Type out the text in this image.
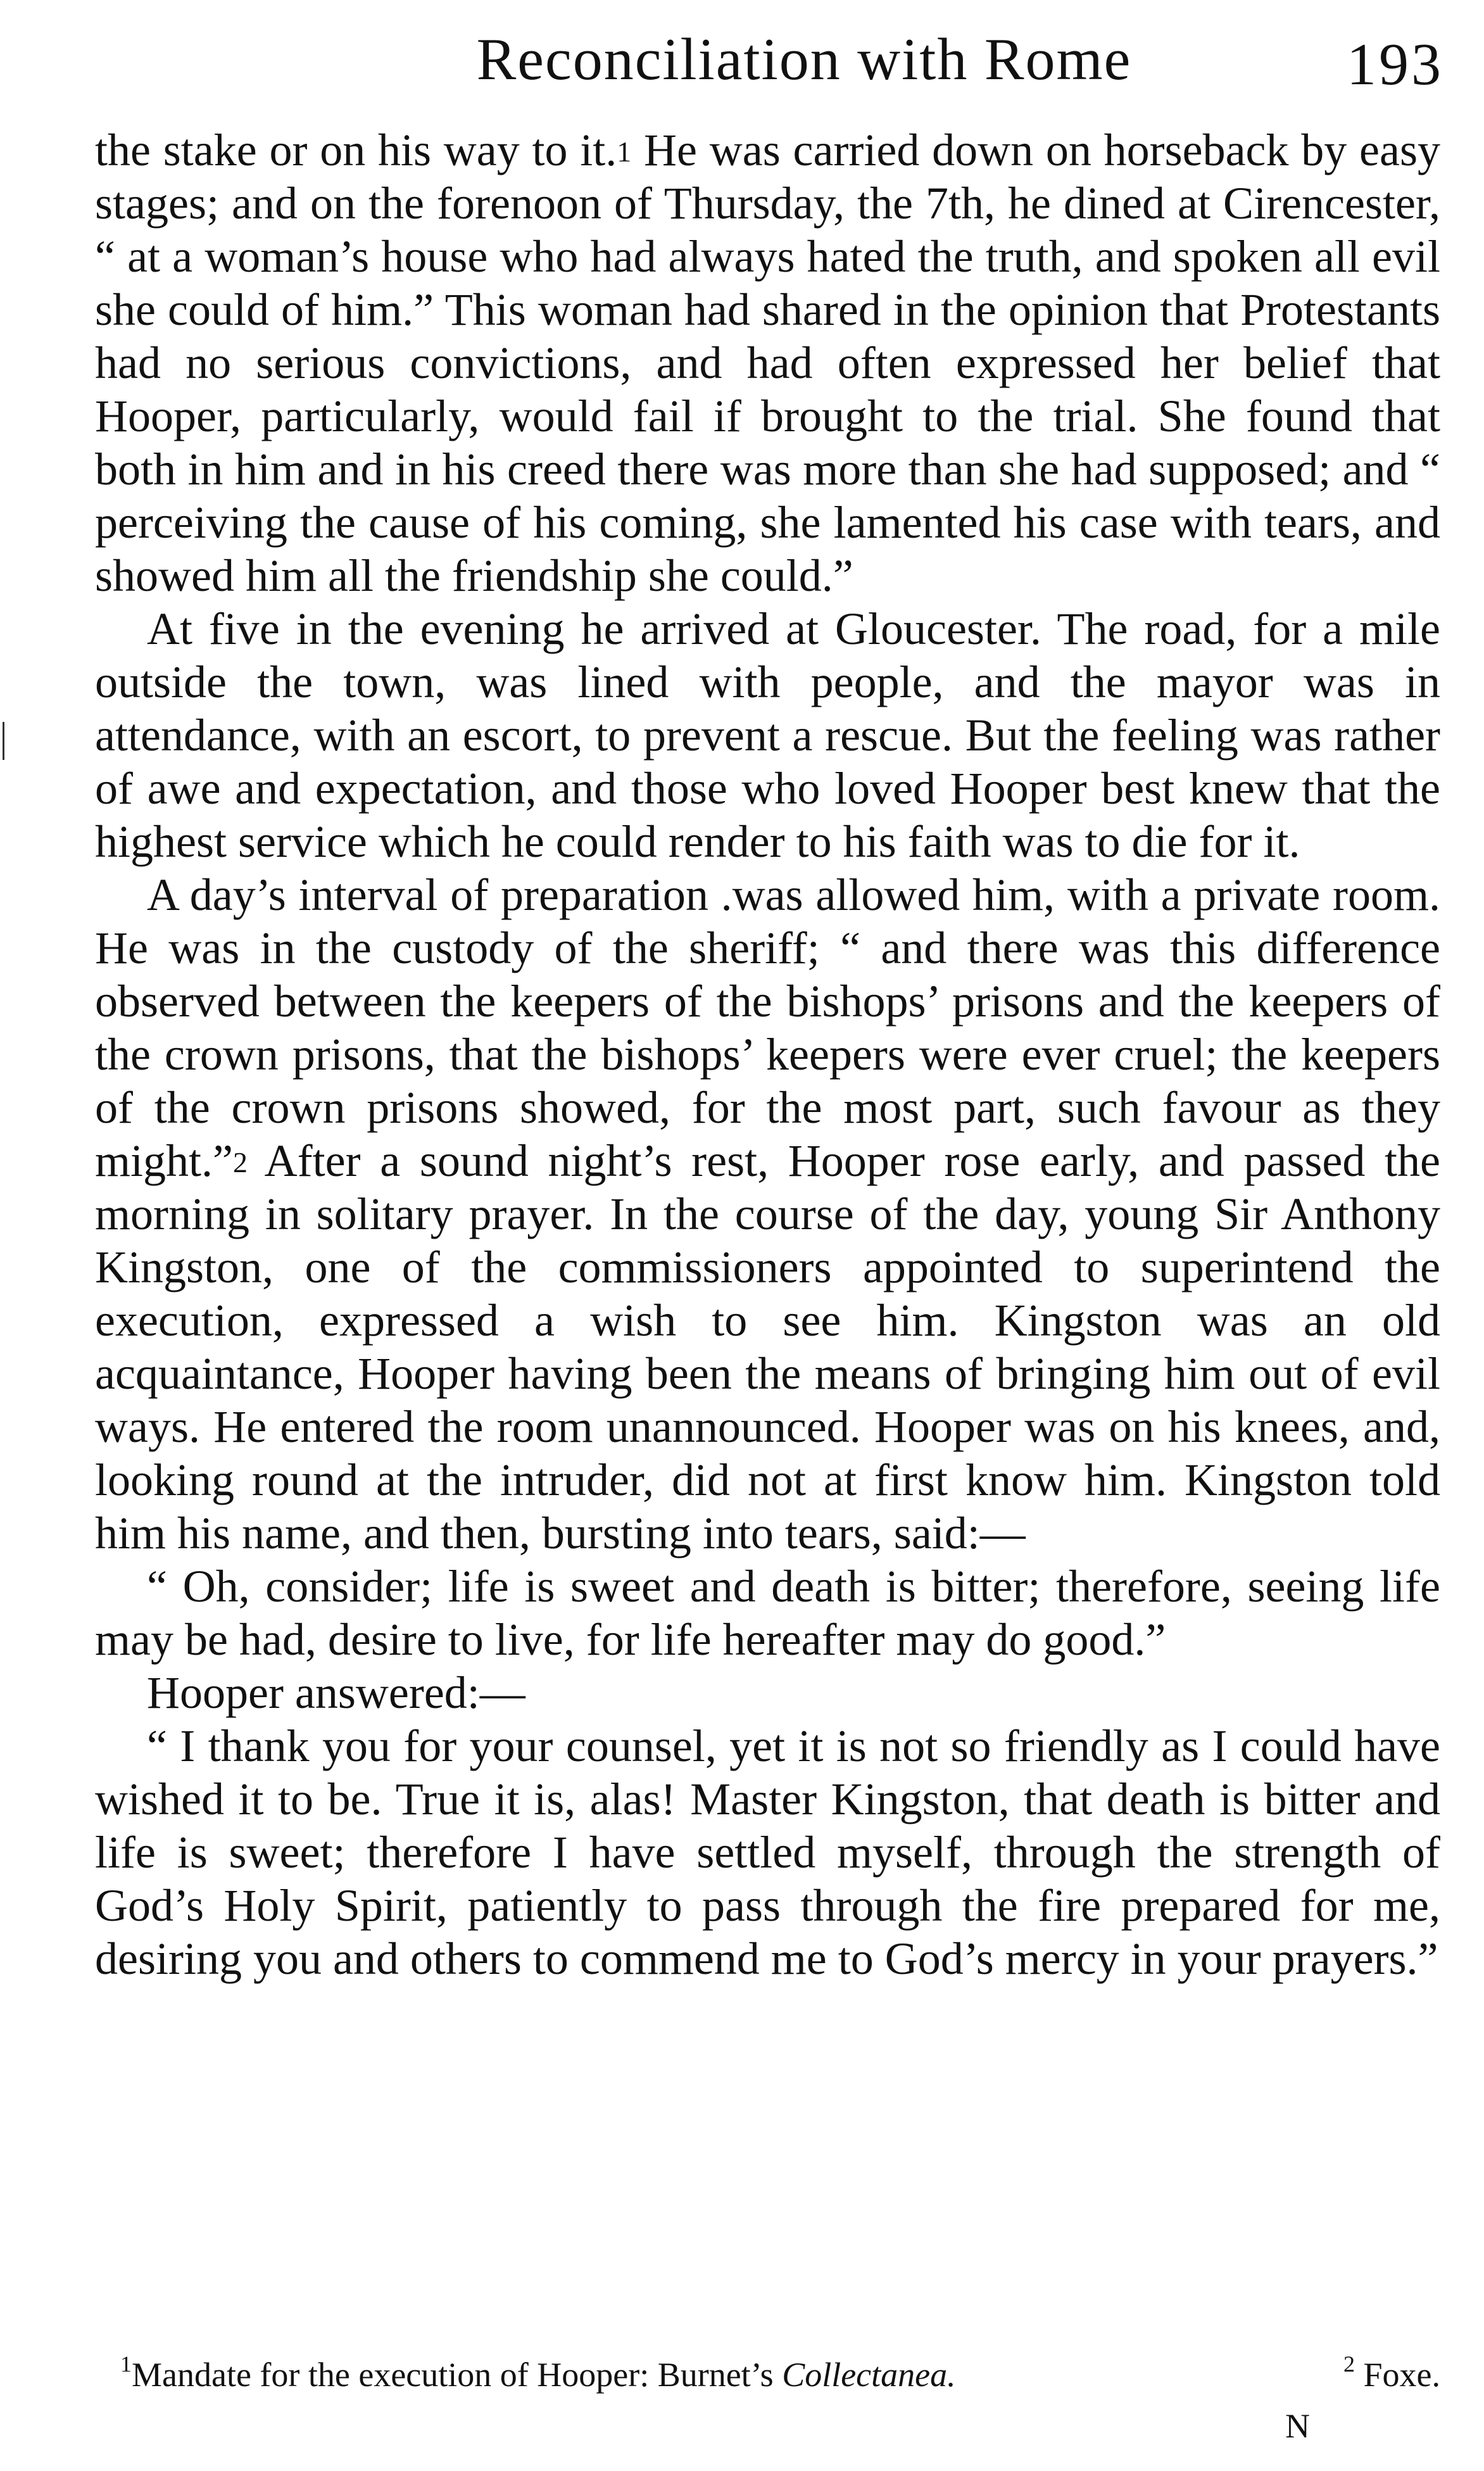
Reconciliation with Rome	193

the stake or on his way to it.$^1$ He was carried down on horseback by easy stages; and on the forenoon of Thursday, the 7th, he dined at Cirencester, “ at a woman’s house who had always hated the truth, and spoken all evil she could of him.” This woman had shared in the opinion that Protestants had no serious convictions, and had often expressed her belief that Hooper, particularly, would fail if brought to the trial. She found that both in him and in his creed there was more than she had supposed; and “ perceiving the cause of his coming, she lamented his case with tears, and showed him all the friendship she could.”

At five in the evening he arrived at Gloucester. The road, for a mile outside the town, was lined with people, and the mayor was in attendance, with an escort, to prevent a rescue. But the feeling was rather of awe and expectation, and those who loved Hooper best knew that the highest service which he could render to his faith was to die for it.

A day’s interval of preparation .was allowed him, with a private room. He was in the custody of the sheriff; “ and there was this difference observed between the keepers of the bishops’ prisons and the keepers of the crown prisons, that the bishops’ keepers were ever cruel; the keepers of the crown prisons showed, for the most part, such favour as they might.”$^2$ After a sound night’s rest, Hooper rose early, and passed the morning in solitary prayer. In the course of the day, young Sir Anthony Kingston, one of the commissioners appointed to superintend the execution, expressed a wish to see him. Kingston was an old acquaintance, Hooper having been the means of bringing him out of evil ways. He entered the room unannounced. Hooper was on his knees, and, looking round at the intruder, did not at first know him. Kingston told him his name, and then, bursting into tears, said:—

“ Oh, consider; life is sweet and death is bitter; therefore, seeing life may be had, desire to live, for life hereafter may do good.”

Hooper answered:—

“ I thank you for your counsel, yet it is not so friendly as I could have wished it to be. True it is, alas! Master Kingston, that death is bitter and life is sweet; therefore I have settled myself, through the strength of God’s Holy Spirit, patiently to pass through the fire prepared for me, desiring you and others to commend me to God’s mercy in your prayers.”

$^1$Mandate for the execution of Hooper: Burnet’s Collectanea.	$^2$ Foxe.
N
